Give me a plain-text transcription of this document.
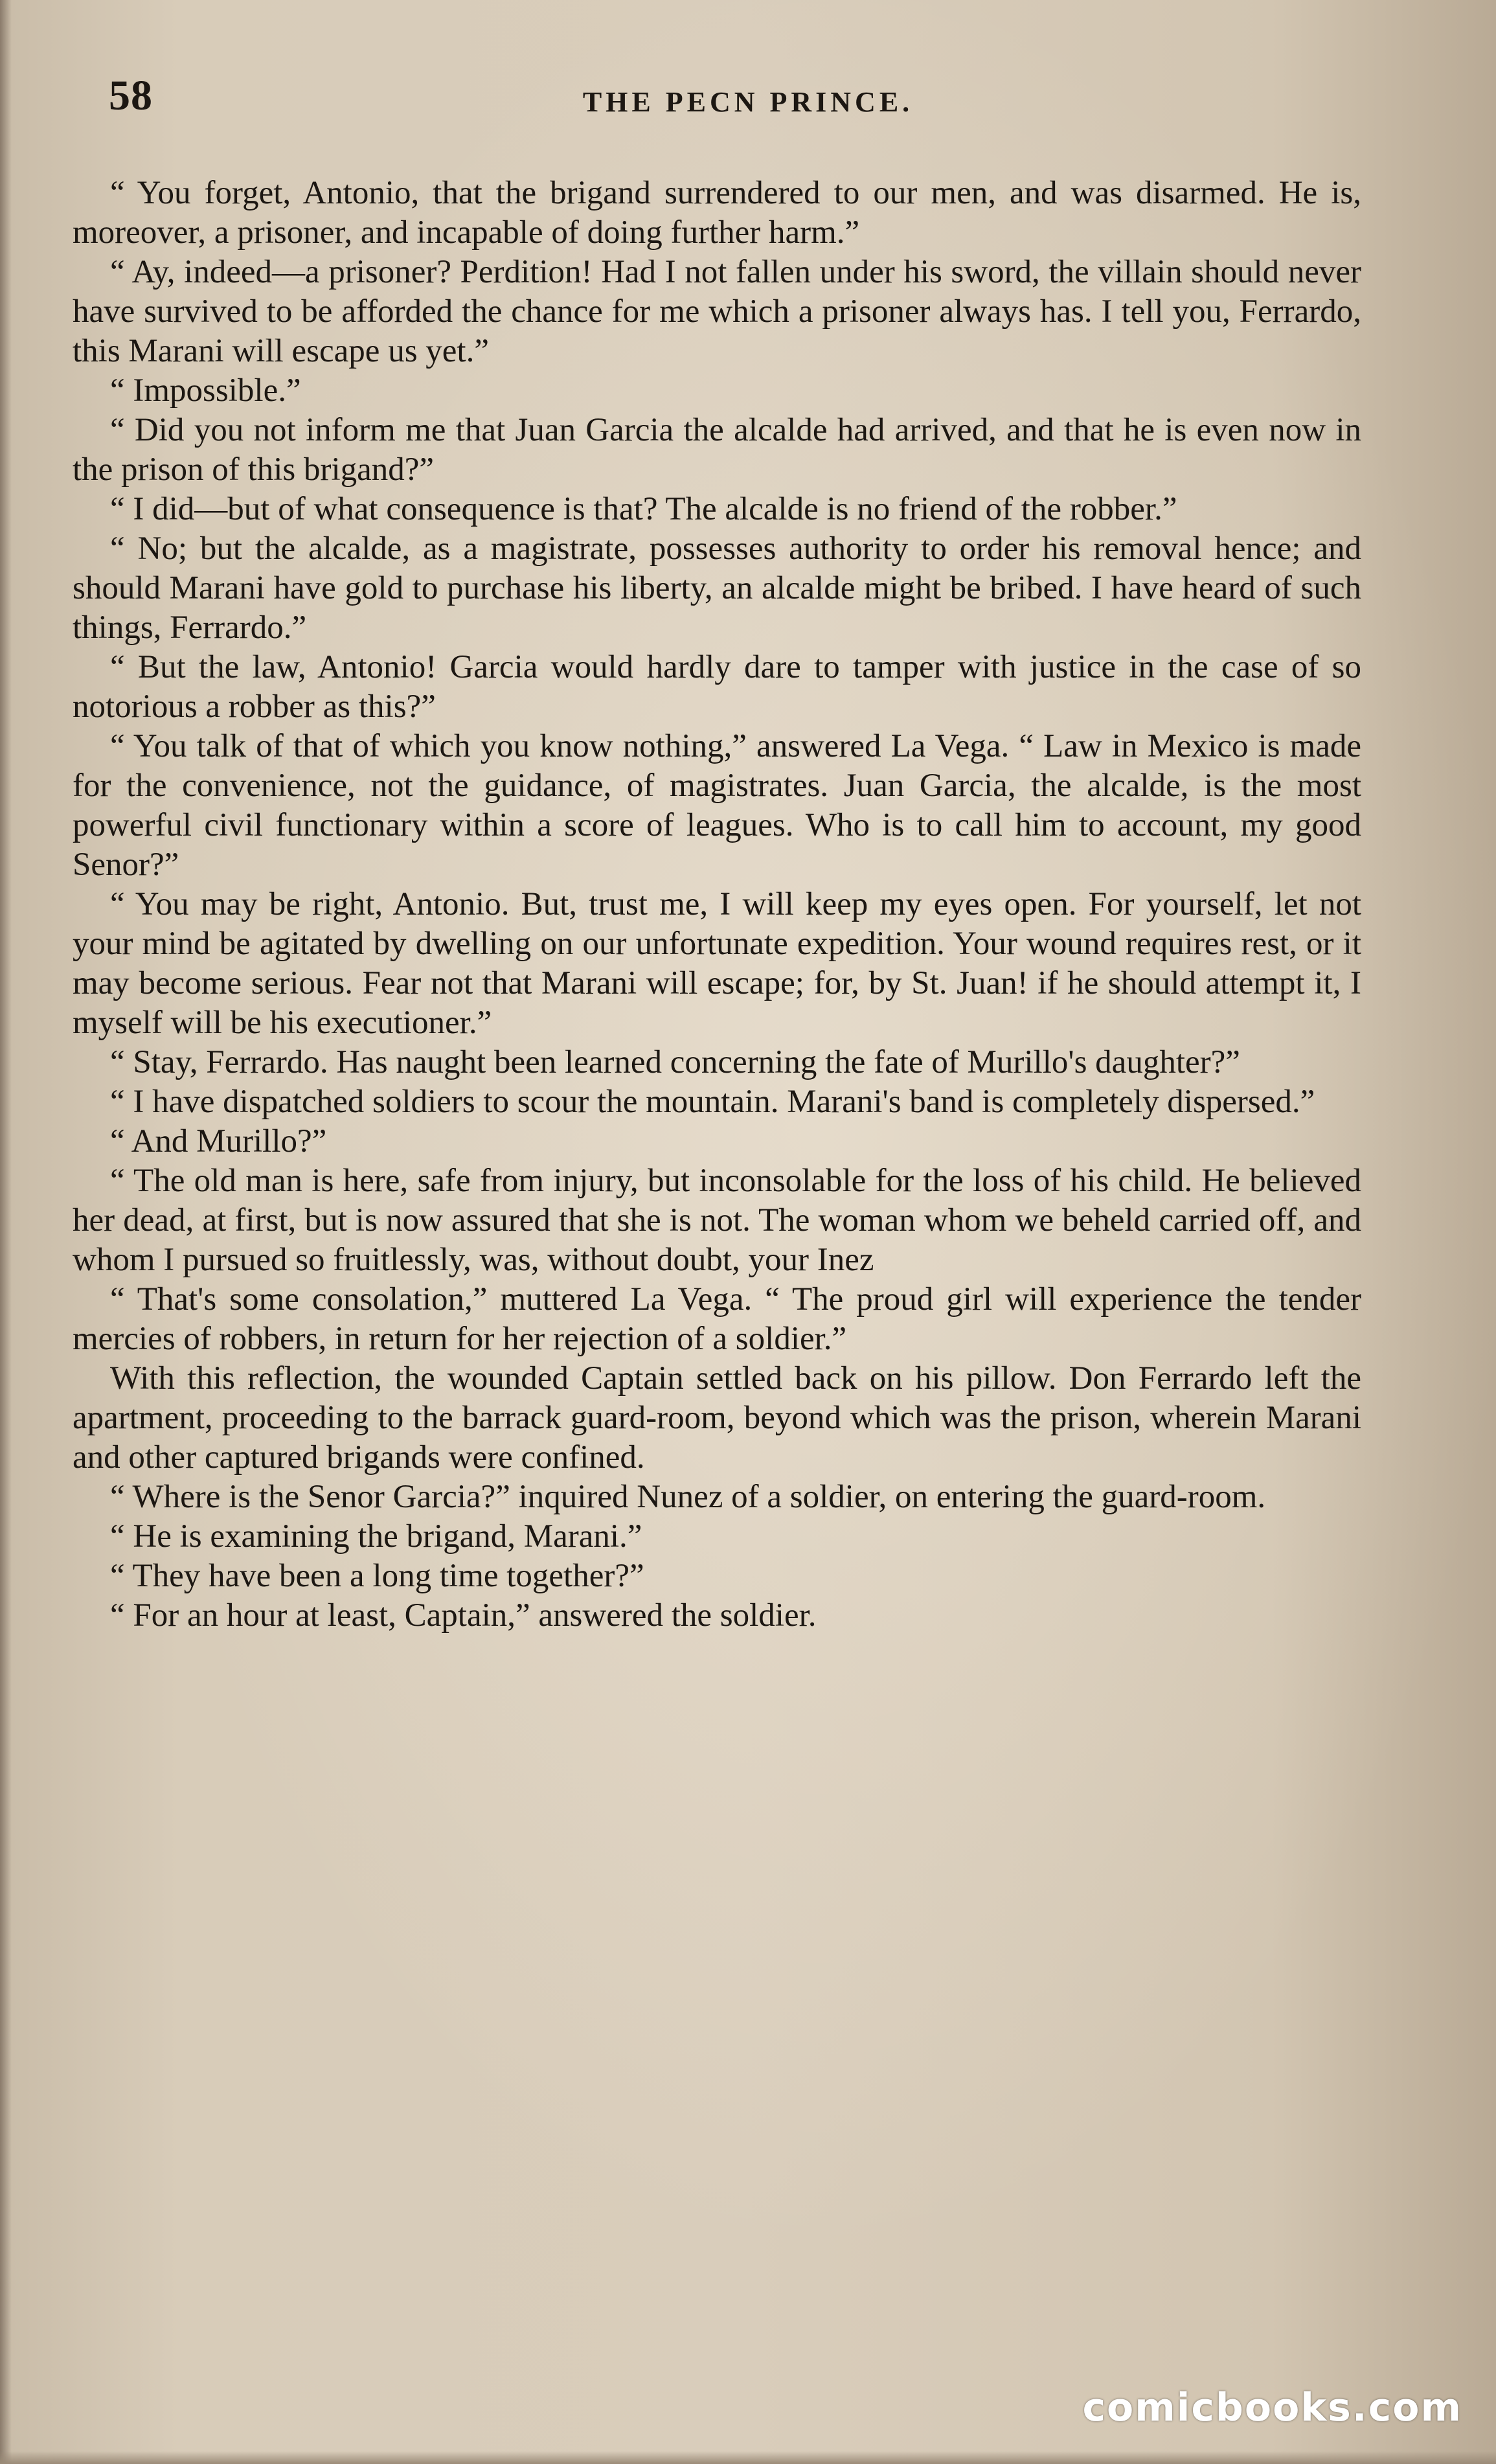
58	THE PECN PRINCE.

“ You forget, Antonio, that the brigand surrendered to our men, and was disarmed. He is, moreover, a prisoner, and incapable of doing further harm.”

“ Ay, indeed—a prisoner? Perdition! Had I not fallen under his sword, the villain should never have survived to be afforded the chance for me which a prisoner always has. I tell you, Ferrardo, this Marani will escape us yet.”

“ Impossible.”

“ Did you not inform me that Juan Garcia the alcalde had arrived, and that he is even now in the prison of this brigand?”

“ I did—but of what consequence is that? The alcalde is no friend of the robber.”

“ No; but the alcalde, as a magistrate, possesses authority to order his removal hence; and should Marani have gold to purchase his liberty, an alcalde might be bribed. I have heard of such things, Ferrardo.”

“ But the law, Antonio! Garcia would hardly dare to tamper with justice in the case of so notorious a robber as this?”

“ You talk of that of which you know nothing,” answered La Vega. “ Law in Mexico is made for the convenience, not the guidance, of magistrates. Juan Garcia, the alcalde, is the most powerful civil functionary within a score of leagues. Who is to call him to account, my good Senor?”

“ You may be right, Antonio. But, trust me, I will keep my eyes open. For yourself, let not your mind be agitated by dwelling on our unfortunate expedition. Your wound requires rest, or it may become serious. Fear not that Marani will escape; for, by St. Juan! if he should attempt it, I myself will be his executioner.”

“ Stay, Ferrardo. Has naught been learned concerning the fate of Murillo's daughter?”

“ I have dispatched soldiers to scour the mountain. Marani's band is completely dispersed.”

“ And Murillo?”

“ The old man is here, safe from injury, but inconsolable for the loss of his child. He believed her dead, at first, but is now assured that she is not. The woman whom we beheld carried off, and whom I pursued so fruitlessly, was, without doubt, your Inez

“ That's some consolation,” muttered La Vega. “ The proud girl will experience the tender mercies of robbers, in return for her rejection of a soldier.”

With this reflection, the wounded Captain settled back on his pillow. Don Ferrardo left the apartment, proceeding to the barrack guard-room, beyond which was the prison, wherein Marani and other captured brigands were confined.

“ Where is the Senor Garcia?” inquired Nunez of a soldier, on entering the guard-room.

“ He is examining the brigand, Marani.”

“ They have been a long time together?”

“ For an hour at least, Captain,” answered the soldier.

comicbooks.com
